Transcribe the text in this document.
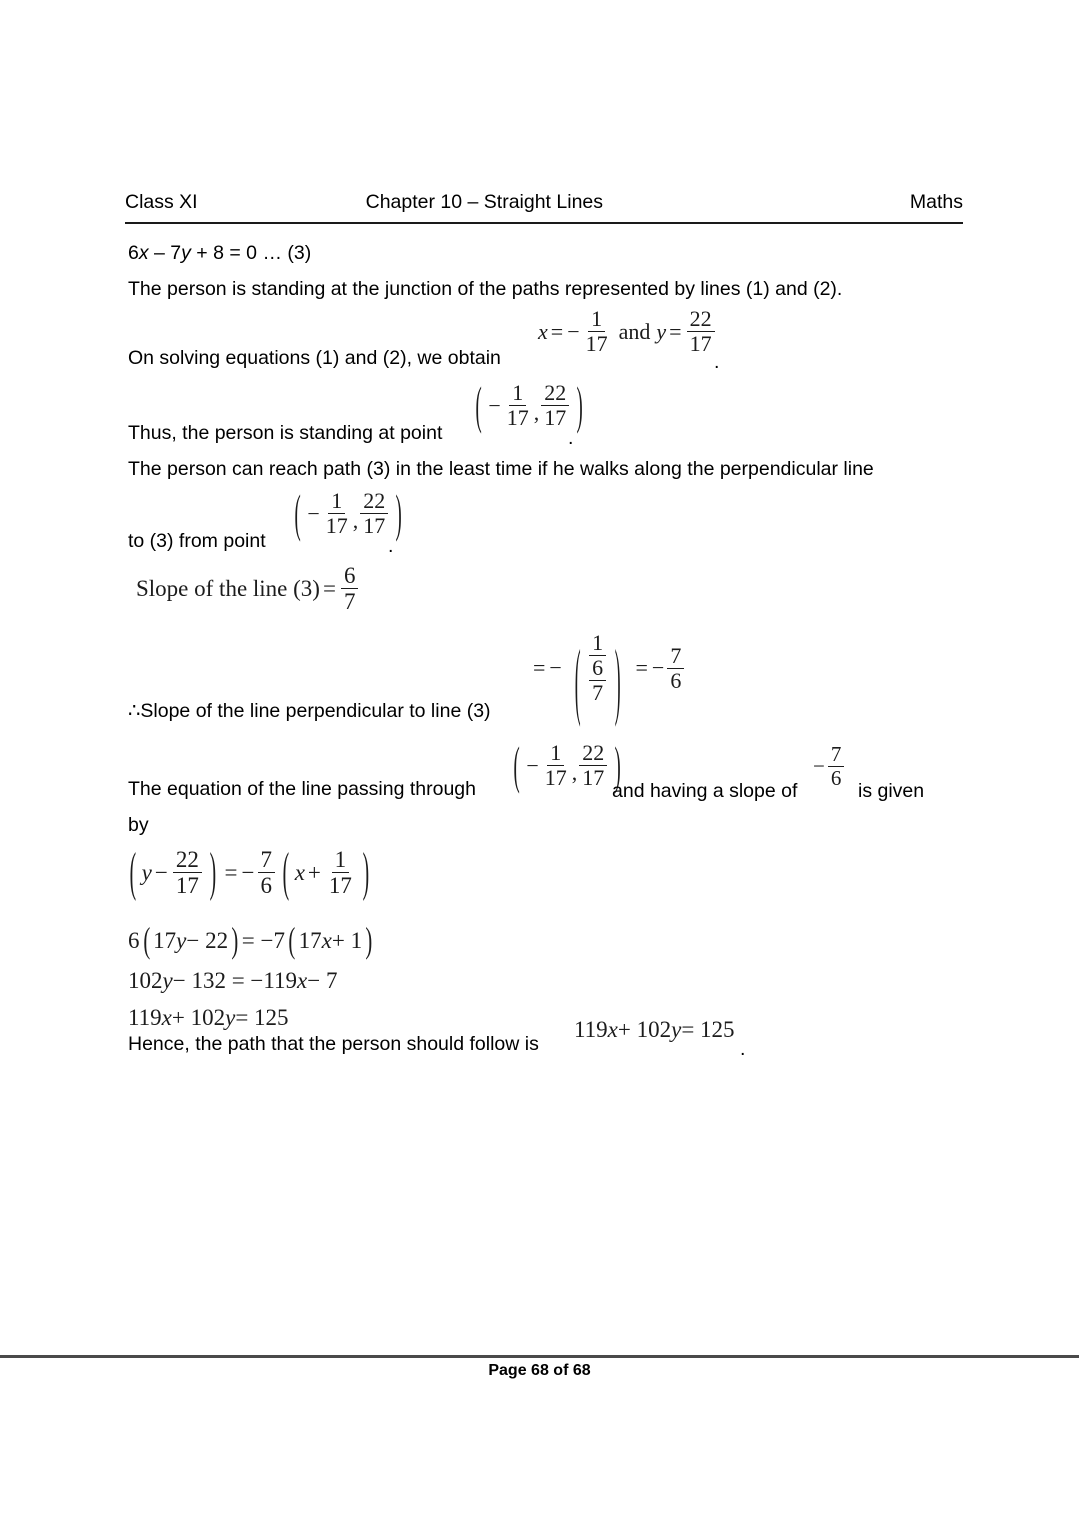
Class XI	Chapter 10 – Straight Lines	Maths
6x – 7y + 8 = 0 … (3)
The person is standing at the junction of the paths represented by lines (1) and (2).
On solving equations (1) and (2), we obtain
x = − $\frac{1}{17}$ and $y = \frac{22}{17}$
.
Thus, the person is standing at point ( − $\frac{1}{17}$ , $\frac{22}{17}$ )
.
The person can reach path (3) in the least time if he walks along the perpendicular line
to (3) from point ( − $\frac{1}{17}$ , $\frac{22}{17}$ )
.
Slope of the line $(3) = \frac{6}{7}$
∴Slope of the line perpendicular to line (3)
= − $\frac{1}{( \frac{6}{7} )}$ = − $\frac{7}{6}$
The equation of the line passing through ( − $\frac{1}{17}$ , $\frac{22}{17}$ )
and having a slope of
− $\frac{7}{6}$
is given
by
( $y - \frac{22}{17}$ ) = − $\frac{7}{6}$ ( $x + \frac{1}{17}$ )
6 ( 17 y − 22 ) = −7 ( 17 x + 1 )
102 y − 132 = −119 x − 7
119 x + 102 y = 125
Hence, the path that the person should follow is
119 x + 102 y = 125
.
Page 68 of 68
